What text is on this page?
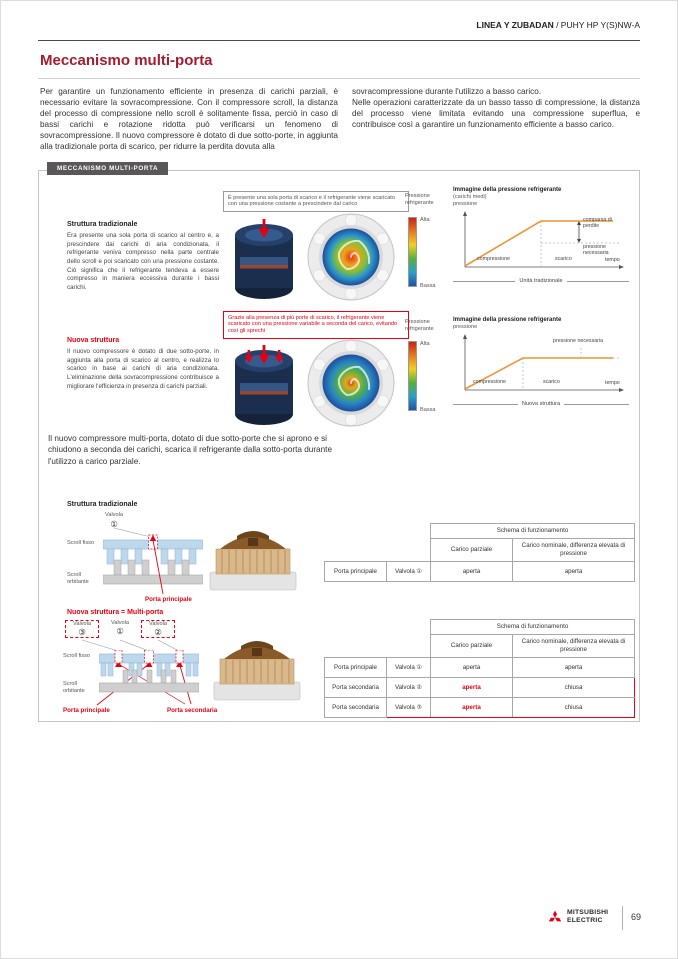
LINEA Y ZUBADAN / PUHY HP Y(S)NW-A
Meccanismo multi-porta
Per garantire un funzionamento efficiente in presenza di carichi parziali, è necessario evitare la sovracompressione. Con il compressore scroll, la distanza del processo di compressione nello scroll è solitamente fissa, perciò in caso di bassi carichi e rotazione ridotta può verificarsi un fenomeno di sovracompressione. Il nuovo compressore è dotato di due sotto-porte, in aggiunta alla tradizionale porta di scarico, per ridurre la perdita dovuta alla
sovracompressione durante l'utilizzo a basso carico.
Nelle operazioni caratterizzate da un basso tasso di compressione, la distanza del processo viene limitata evitando una compressione superflua, e contribuisce così a garantire un funzionamento efficiente a basso carico.
MECCANISMO MULTI-PORTA
Struttura tradizionale
Era presente una sola porta di scarico al centro e, a prescindere dai carichi di aria condizionata, il refrigerante veniva compresso nella parte centrale dello scroll e poi scaricato con una pressione costante. Ciò significa che il refrigerante tendeva a essere compresso in maniera eccessiva durante i bassi carichi.
È presente una sola porta di scarico e il refrigerante viene scaricato con una pressione costante a prescindere dal carico
Pressione refrigerante
Alta
Bassa
Immagine della pressione refrigerante
(carichi medi)
pressione
comparsa di perdite
pressione necessaria
compressione	scarico	tempo
Unità tradizionale
Grazie alla presenza di più porte di scarico, il refrigerante viene scaricato con una pressione variabile a seconda del carico, evitando così gli sprechi
Nuova struttura
Il nuovo compressore è dotato di due sotto-porte, in aggiunta alla porta di scarico al centro, e realizza lo scarico in base ai carichi di aria condizionata. L'eliminazione della sovracompressione contribuisce a migliorare l'efficienza in presenza di carichi parziali.
Pressione refrigerante
Alta
Bassa
Immagine della pressione refrigerante
pressione
pressione necessaria
compressione	scarico	tempo
Nuova struttura
Il nuovo compressore multi-porta, dotato di due sotto-porte che si aprono e si chiudono a seconda dei carichi, scarica il refrigerante dalla sotto-porta durante l'utilizzo a carico parziale.
Struttura tradizionale
Valvola
①
Scroll fisso
Scroll orbitante
Porta principale
		Schema di funzionamento	
		Carico parziale	Carico nominale, differenza elevata di pressione
Porta principale	Valvola ①	aperta	aperta
Nuova struttura = Multi-porta
Valvola
③
Valvola
①
Valvola
②
Scroll fisso
Scroll orbitante
Porta principale	Porta secondaria
		Schema di funzionamento	
		Carico parziale	Carico nominale, differenza elevata di pressione
Porta principale	Valvola ①	aperta	aperta
Porta secondaria	Valvola ②	aperta	chiusa
Porta secondaria	Valvola ③	aperta	chiusa
MITSUBISHI
ELECTRIC	69
